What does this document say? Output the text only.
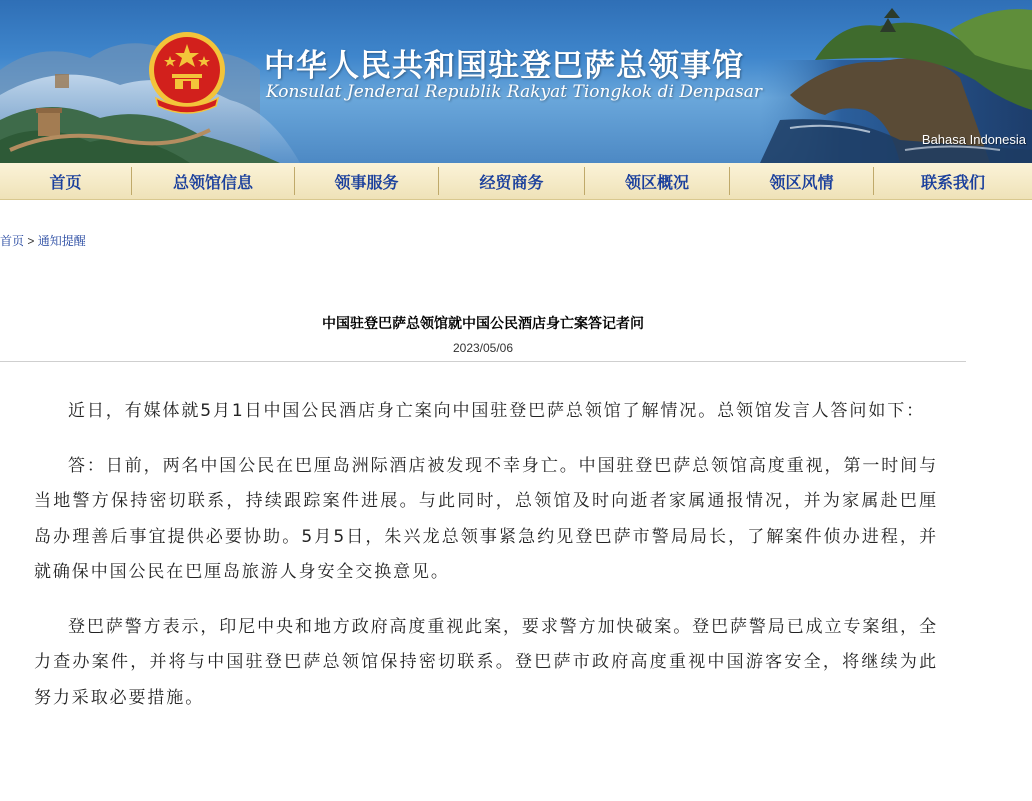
中华人民共和国驻登巴萨总领事馆
Konsulat Jenderal Republik Rakyat Tiongkok di Denpasar
Bahasa Indonesia
首页	总领馆信息	领事服务	经贸商务	领区概况	领区风情	联系我们
首页 > 通知提醒
中国驻登巴萨总领馆就中国公民酒店身亡案答记者问
2023/05/06

近日，有媒体就5月1日中国公民酒店身亡案向中国驻登巴萨总领馆了解情况。总领馆发言人答问如下：

答：日前，两名中国公民在巴厘岛洲际酒店被发现不幸身亡。中国驻登巴萨总领馆高度重视，第一时间与当地警方保持密切联系，持续跟踪案件进展。与此同时，总领馆及时向逝者家属通报情况，并为家属赴巴厘岛办理善后事宜提供必要协助。5月5日，朱兴龙总领事紧急约见登巴萨市警局局长，了解案件侦办进程，并就确保中国公民在巴厘岛旅游人身安全交换意见。

登巴萨警方表示，印尼中央和地方政府高度重视此案，要求警方加快破案。登巴萨警局已成立专案组，全力查办案件，并将与中国驻登巴萨总领馆保持密切联系。登巴萨市政府高度重视中国游客安全，将继续为此努力采取必要措施。
